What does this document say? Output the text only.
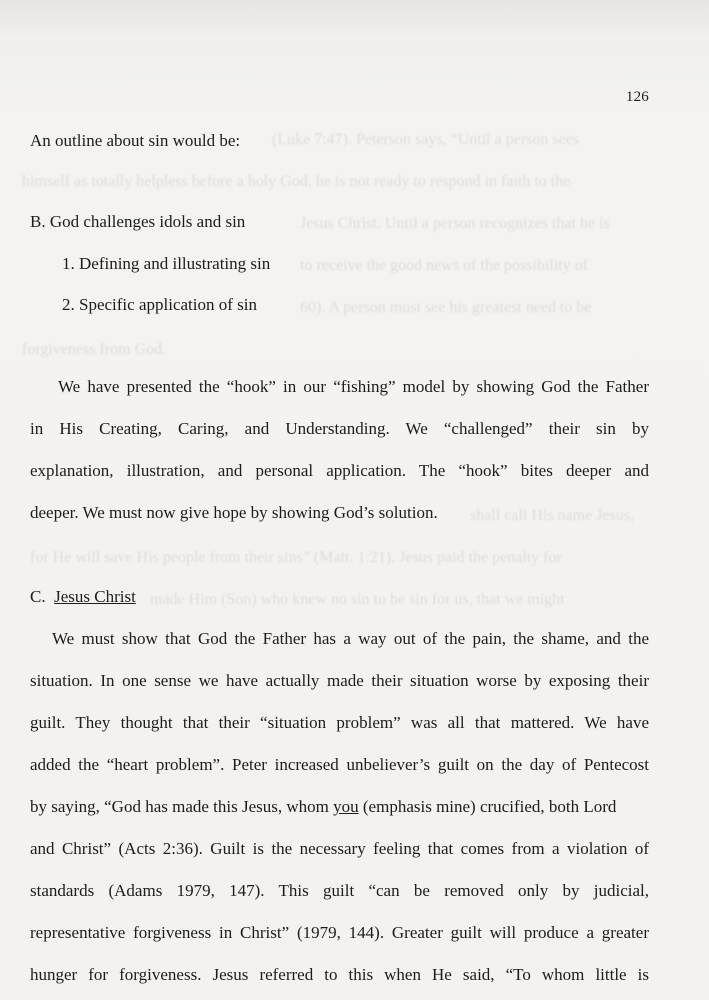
(Luke 7:47). Peterson says, “Until a person sees
himself as totally helpless before a holy God, he is not ready to respond in faith to the
Jesus Christ. Until a person recognizes that he is
to receive the good news of the possibility of
60). A person must see his greatest need to be
forgiveness from God.
shall call His name Jesus,
for He will save His people from their sins” (Matt. 1:21). Jesus paid the penalty for
made Him (Son) who knew no sin to be sin for us, that we might
126
An outline about sin would be:
B. God challenges idols and sin
1. Defining and illustrating sin
2. Specific application of sin
We have presented the “hook” in our “fishing” model by showing God the Father
in His Creating, Caring, and Understanding. We “challenged” their sin by
explanation, illustration, and personal application. The “hook” bites deeper and
deeper. We must now give hope by showing God’s solution.
C. Jesus Christ
We must show that God the Father has a way out of the pain, the shame, and the
situation. In one sense we have actually made their situation worse by exposing their
guilt. They thought that their “situation problem” was all that mattered. We have
added the “heart problem”. Peter increased unbeliever’s guilt on the day of Pentecost
by saying, “God has made this Jesus, whom you (emphasis mine) crucified, both Lord
and Christ” (Acts 2:36). Guilt is the necessary feeling that comes from a violation of
standards (Adams 1979, 147). This guilt “can be removed only by judicial,
representative forgiveness in Christ” (1979, 144). Greater guilt will produce a greater
hunger for forgiveness. Jesus referred to this when He said, “To whom little is
